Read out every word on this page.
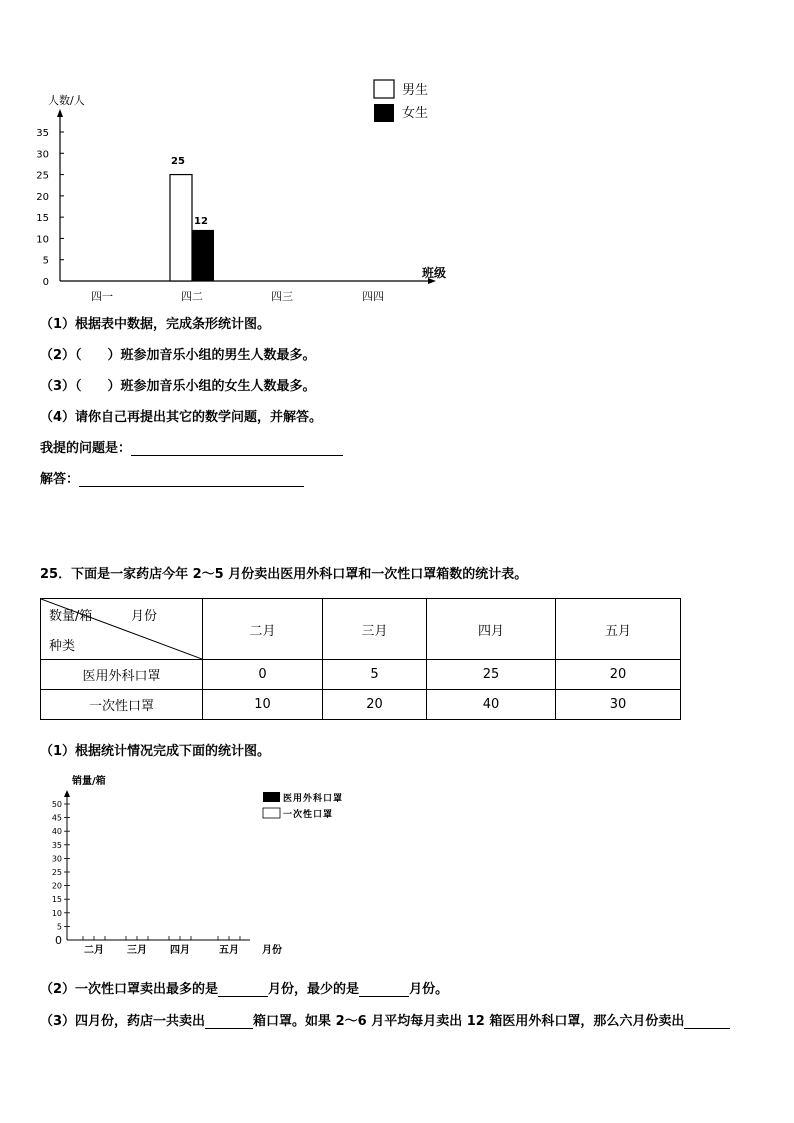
男生
女生
人数/人
班级
0
5
10
15
20
25
30
35
25
12
四一	四二	四三	四四
（1）根据表中数据，完成条形统计图。
（2）（　　）班参加音乐小组的男生人数最多。
（3）（　　）班参加音乐小组的女生人数最多。
（4）请你自己再提出其它的数学问题，并解答。
我提的问题是：
解答：
25．下面是一家药店今年 2～5 月份卖出医用外科口罩和一次性口罩箱数的统计表。
数量/箱 月份
种类	二月	三月	四月	五月
医用外科口罩	0	5	25	20
一次性口罩	10	20	40	30
（1）根据统计情况完成下面的统计图。
销量/箱
0
5
10
15
20
25
30
35
40
45
50
医用外科口罩
一次性口罩
二月 三月 四月	五月 月份
（2）一次性口罩卖出最多的是	月份，最少的是	月份。
（3）四月份，药店一共卖出	箱口罩。如果 2～6 月平均每月卖出 12 箱医用外科口罩，那么六月份卖出
